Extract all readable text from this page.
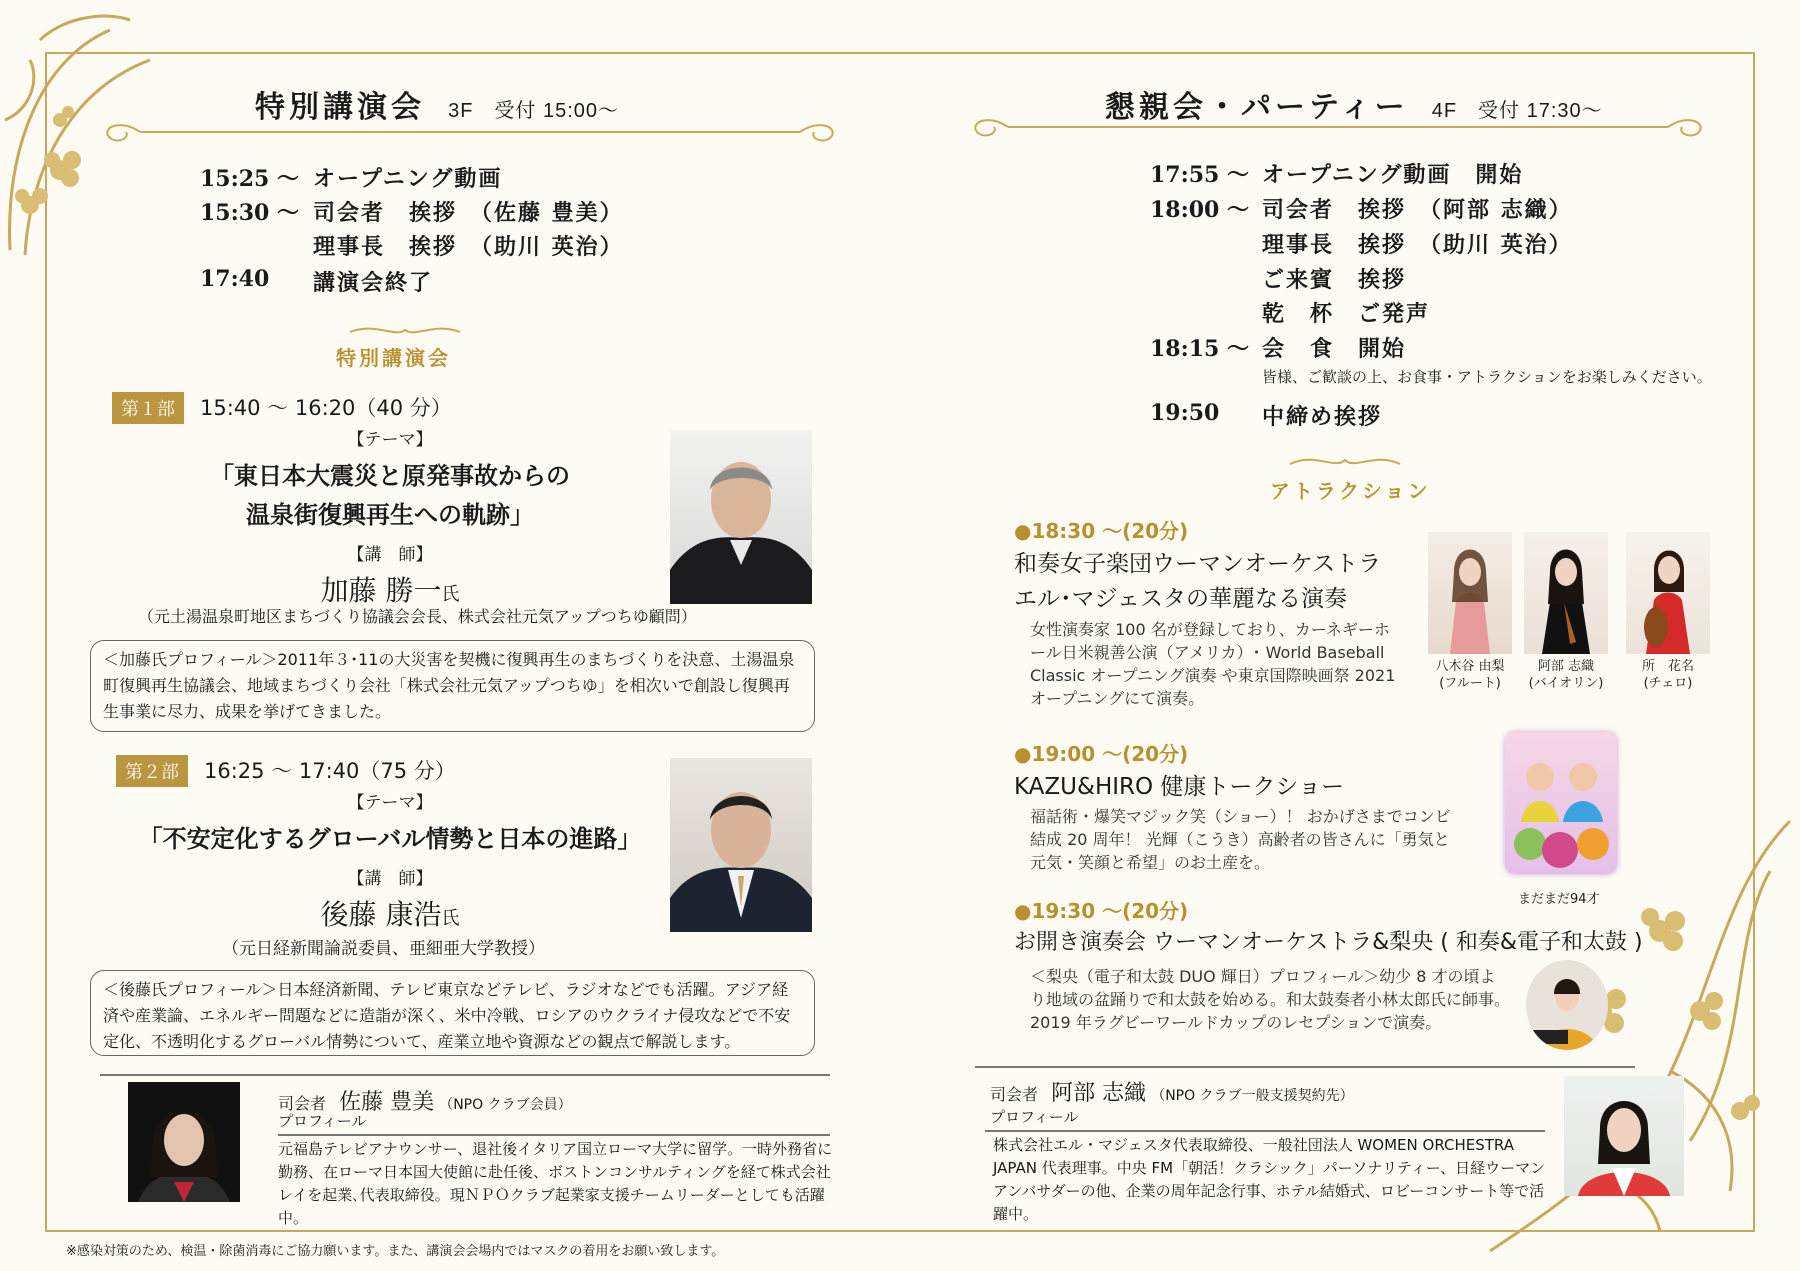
特別講演会 3F　受付 15:00～
15:25 ～ オープニング動画
15:30 ～ 司会者　挨拶　（佐藤 豊美）
理事長　挨拶　（助川 英治）
17:40 講演会終了
特別講演会
第１部	15:40 ～ 16:20（40 分）
【テーマ】
「東日本大震災と原発事故からの
温泉街復興再生への軌跡」
【講　師】
加藤 勝一氏
（元土湯温泉町地区まちづくり協議会会長、株式会社元気アップつちゆ顧問）
＜加藤氏プロフィール＞2011年３･11の大災害を契機に復興再生のまちづくりを決意、土湯温泉町復興再生協議会、地域まちづくり会社「株式会社元気アップつちゆ」を相次いで創設し復興再生事業に尽力、成果を挙げてきました。
第２部	16:25 ～ 17:40（75 分）
【テーマ】
「不安定化するグローバル情勢と日本の進路」
【講　師】
後藤 康浩氏
（元日経新聞論説委員、亜細亜大学教授）
＜後藤氏プロフィール＞日本経済新聞、テレビ東京などテレビ、ラジオなどでも活躍。アジア経済や産業論、エネルギー問題などに造詣が深く、米中冷戦、ロシアのウクライナ侵攻などで不安定化、不透明化するグローバル情勢について、産業立地や資源などの観点で解説します。
司会者 佐藤 豊美 （NPO クラブ会員）
プロフィール
元福島テレビアナウンサー、退社後イタリア国立ローマ大学に留学。一時外務省に勤務、在ローマ日本国大使館に赴任後、ボストンコンサルティングを経て株式会社レイを起業､代表取締役。現ＮＰＯクラブ起業家支援チームリーダーとしても活躍中。
※感染対策のため、検温・除菌消毒にご協力願います。また、講演会会場内ではマスクの着用をお願い致します。
懇親会・パーティー 4F　受付 17:30～
17:55 ～ オープニング動画　開始
18:00 ～ 司会者　挨拶　（阿部 志織）
理事長　挨拶　（助川 英治）
ご来賓　挨拶
乾　杯　ご発声
18:15 ～ 会　食　開始
皆様、ご歓談の上、お食事・アトラクションをお楽しみください。
19:50 中締め挨拶
アトラクション
●18:30 ～(20分)
和奏女子楽団ウーマンオーケストラ
エル･マジェスタの華麗なる演奏
女性演奏家 100 名が登録しており、カーネギーホール日米親善公演（アメリカ）･ World Baseball Classic オープニング演奏 や東京国際映画祭 2021 オープニングにて演奏。
八木谷 由梨
(フルート)
阿部 志織
(バイオリン)
所　花名
(チェロ)
●19:00 ～(20分)
KAZU&HIRO 健康トークショー
福話術・爆笑マジック笑（ショー）！ おかげさまでコンビ結成 20 周年！ 光輝（こうき）高齢者の皆さんに「勇気と元気・笑顔と希望」のお土産を。
まだまだ94才
●19:30 ～(20分)
お開き演奏会 ウーマンオーケストラ&梨央 ( 和奏&電子和太鼓 )
＜梨央（電子和太鼓 DUO 輝日）プロフィール＞幼少 8 才の頃より地域の盆踊りで和太鼓を始める。和太鼓奏者小林太郎氏に師事。2019 年ラグビーワールドカップのレセプションで演奏。
司会者 阿部 志織 （NPO クラブ一般支援契約先）
プロフィール
株式会社エル・マジェスタ代表取締役、一般社団法人 WOMEN ORCHESTRA JAPAN 代表理事。中央 FM「朝活！クラシック」パーソナリティー、日経ウーマンアンバサダーの他、企業の周年記念行事、ホテル結婚式、ロビーコンサート等で活躍中。
